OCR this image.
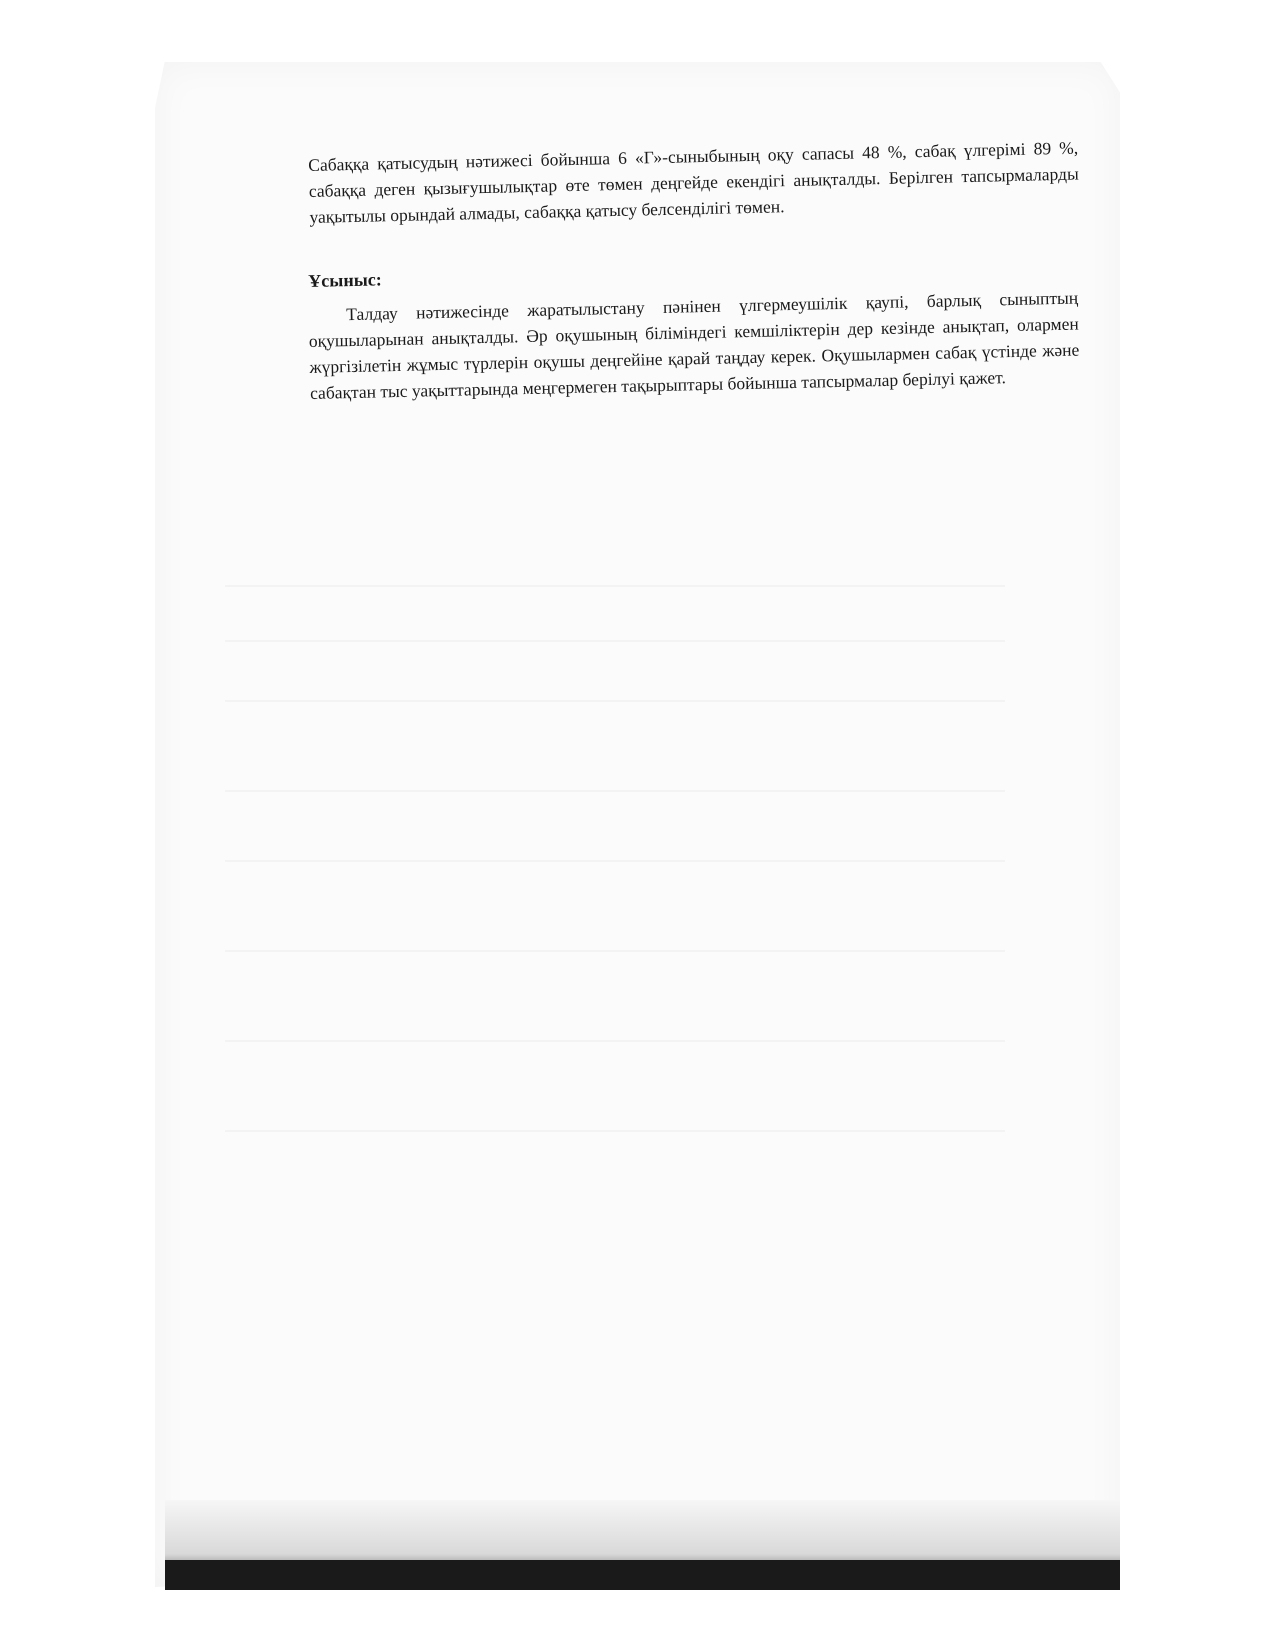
Сабаққа қатысудың нәтижесі бойынша 6 «Г»-сыныбының оқу сапасы 48 %, сабақ үлгерімі 89 %, сабаққа деген қызығушылықтар өте төмен деңгейде екендігі анықталды. Берілген тапсырмаларды уақытылы орындай алмады, сабаққа қатысу белсенділігі төмен.

Ұсыныс:

Талдау нәтижесінде жаратылыстану пәнінен үлгермеушілік қаупі, барлық сыныптың оқушыларынан анықталды. Әр оқушының біліміндегі кемшіліктерін дер кезінде анықтап, олармен жүргізілетін жұмыс түрлерін оқушы деңгейіне қарай таңдау керек. Оқушылармен сабақ үстінде және сабақтан тыс уақыттарында меңгермеген тақырыптары бойынша тапсырмалар берілуі қажет.
